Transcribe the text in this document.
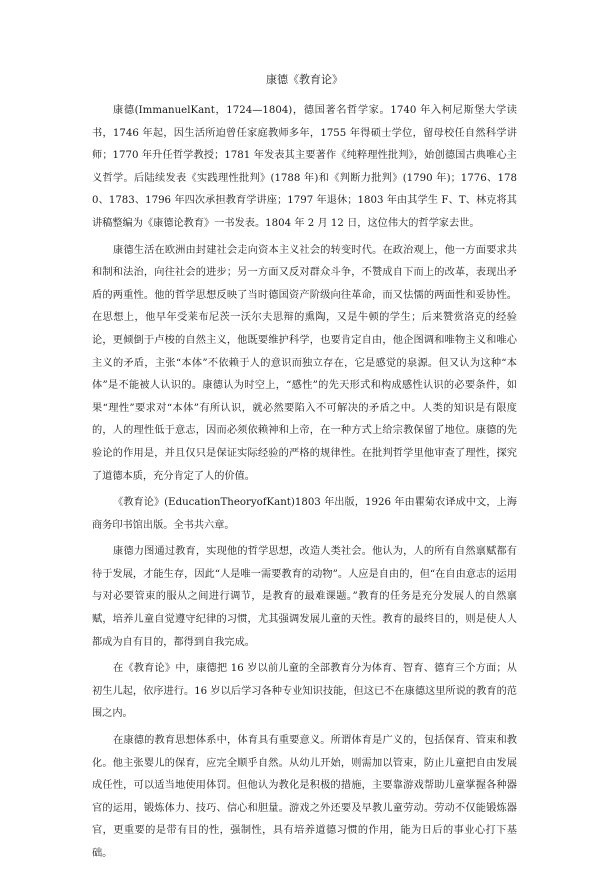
康德《教育论》

康德(ImmanuelKant，1724—1804)，德国著名哲学家。1740 年入柯尼斯堡大学读书，1746 年起，因生活所迫曾任家庭教师多年，1755 年得硕士学位，留母校任自然科学讲师；1770 年升任哲学教授；1781 年发表其主要著作《纯粹理性批判》，始创德国古典唯心主义哲学。后陆续发表《实践理性批判》(1788 年)和《判断力批判》(1790 年)；1776、1780、1783、1796 年四次承担教育学讲座；1797 年退休；1803 年由其学生 F、T、林克将其讲稿整编为《康德论教育》一书发表。1804 年 2 月 12 日，这位伟大的哲学家去世。

康德生活在欧洲由封建社会走向资本主义社会的转变时代。在政治观上，他一方面要求共和制和法治，向往社会的进步；另一方面又反对群众斗争，不赞成自下而上的改革，表现出矛盾的两重性。他的哲学思想反映了当时德国资产阶级向往革命，而又怯懦的两面性和妥协性。在思想上，他早年受莱布尼茨一沃尔夫思辩的熏陶，又是牛顿的学生；后来赞赏洛克的经验论，更倾倒于卢梭的自然主义，他既要维护科学，也要肯定自由，他企图调和唯物主义和唯心主义的矛盾，主张“本体”不依赖于人的意识而独立存在，它是感觉的泉源。但又认为这种“本体”是不能被人认识的。康德认为时空上，“感性”的先天形式和构成感性认识的必要条件，如果“理性”要求对“本体”有所认识，就必然要陷入不可解决的矛盾之中。人类的知识是有限度的，人的理性低于意志，因而必须依赖神和上帝，在一种方式上给宗教保留了地位。康德的先验论的作用是，并且仅只是保证实际经验的严格的规律性。在批判哲学里他审查了理性，探究了道德本质，充分肯定了人的价值。

《教育论》(EducationTheoryofKant)1803 年出版，1926 年由瞿菊农译成中文，上海商务印书馆出版。全书共六章。

康德力图通过教育，实现他的哲学思想，改造人类社会。他认为，人的所有自然禀赋都有待于发展，才能生存，因此“人是唯一需要教育的动物”。人应是自由的，但“在自由意志的运用与对必要管束的服从之间进行调节，是教育的最难课题。”教育的任务是充分发展人的自然禀赋，培养儿童自觉遵守纪律的习惯，尤其强调发展儿童的天性。教育的最终目的，则是使人人都成为自有目的，都得到自我完成。

在《教育论》中，康德把 16 岁以前儿童的全部教育分为体育、智育、德育三个方面；从初生儿起，依序进行。16 岁以后学习各种专业知识技能，但这已不在康德这里所说的教育的范围之内。

在康德的教育思想体系中，体育具有重要意义。所谓体育是广义的，包括保育、管束和教化。他主张婴儿的保育，应完全顺乎自然。从幼儿开始，则需加以管束，防止儿童把自由发展成任性，可以适当地使用体罚。但他认为教化是积极的措施，主要靠游戏帮助儿童掌握各种器官的运用，锻炼体力、技巧、信心和胆量。游戏之外还要及早教儿童劳动。劳动不仅能锻炼器官，更重要的是带有目的性，强制性，具有培养道德习惯的作用，能为日后的事业心打下基础。
